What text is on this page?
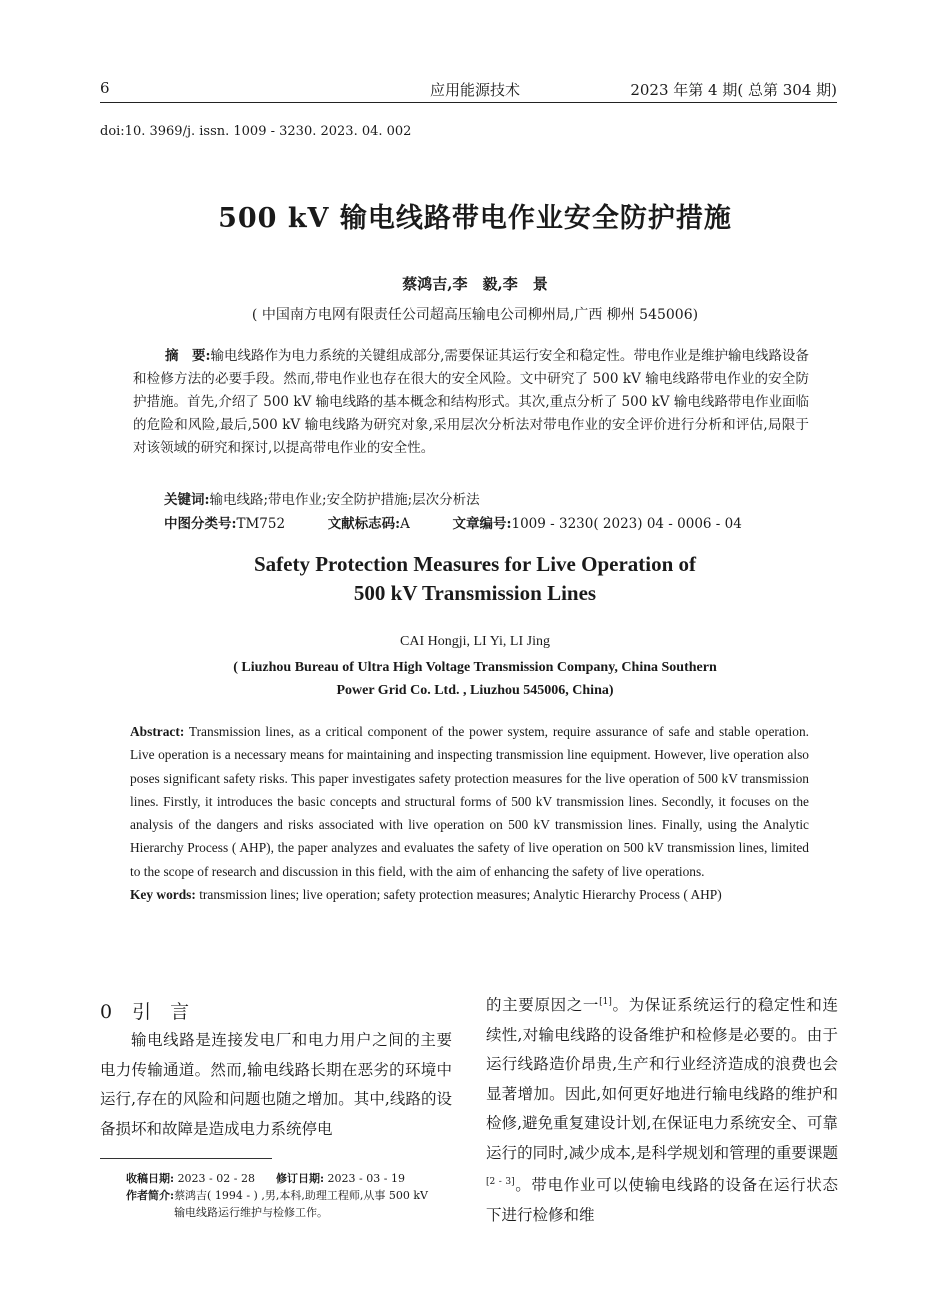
6	应用能源技术	2023 年第 4 期( 总第 304 期)
doi:10. 3969/j. issn. 1009 - 3230. 2023. 04. 002
500 kV 输电线路带电作业安全防护措施
蔡鸿吉,李　毅,李　景
( 中国南方电网有限责任公司超高压输电公司柳州局,广西 柳州 545006)

摘　要:输电线路作为电力系统的关键组成部分,需要保证其运行安全和稳定性。带电作业是维护输电线路设备和检修方法的必要手段。然而,带电作业也存在很大的安全风险。文中研究了 500 kV 输电线路带电作业的安全防护措施。首先,介绍了 500 kV 输电线路的基本概念和结构形式。其次,重点分析了 500 kV 输电线路带电作业面临的危险和风险,最后,500 kV 输电线路为研究对象,采用层次分析法对带电作业的安全评价进行分析和评估,局限于对该领域的研究和探讨,以提高带电作业的安全性。

关键词:输电线路;带电作业;安全防护措施;层次分析法
中图分类号:TM752	文献标志码:A	文章编号:1009 - 3230( 2023) 04 - 0006 - 04
Safety Protection Measures for Live Operation of
500 kV Transmission Lines
CAI Hongji, LI Yi, LI Jing
( Liuzhou Bureau of Ultra High Voltage Transmission Company, China Southern
Power Grid Co. Ltd. , Liuzhou 545006, China)
Abstract: Transmission lines, as a critical component of the power system, require assurance of safe and stable operation. Live operation is a necessary means for maintaining and inspecting transmission line equipment. However, live operation also poses significant safety risks. This paper investigates safety protection measures for the live operation of 500 kV transmission lines. Firstly, it introduces the basic concepts and structural forms of 500 kV transmission lines. Secondly, it focuses on the analysis of the dangers and risks associated with live operation on 500 kV transmission lines. Finally, using the Analytic Hierarchy Process ( AHP), the paper analyzes and evaluates the safety of live operation on 500 kV transmission lines, limited to the scope of research and discussion in this field, with the aim of enhancing the safety of live operations.
Key words: transmission lines; live operation; safety protection measures; Analytic Hierarchy Process ( AHP)
0 引　言
输电线路是连接发电厂和电力用户之间的主要电力传输通道。然而,输电线路长期在恶劣的环境中运行,存在的风险和问题也随之增加。其中,线路的设备损坏和故障是造成电力系统停电
的主要原因之一[1]。为保证系统运行的稳定性和连续性,对输电线路的设备维护和检修是必要的。由于运行线路造价昂贵,生产和行业经济造成的浪费也会显著增加。因此,如何更好地进行输电线路的维护和检修,避免重复建设计划,在保证电力系统安全、可靠运行的同时,减少成本,是科学规划和管理的重要课题[2 - 3]。带电作业可以使输电线路的设备在运行状态下进行检修和维
收稿日期: 2023 - 02 - 28 修订日期: 2023 - 03 - 19
作者简介: 蔡鸿吉( 1994 - ) ,男,本科,助理工程师,从事 500 kV 输电线路运行维护与检修工作。
